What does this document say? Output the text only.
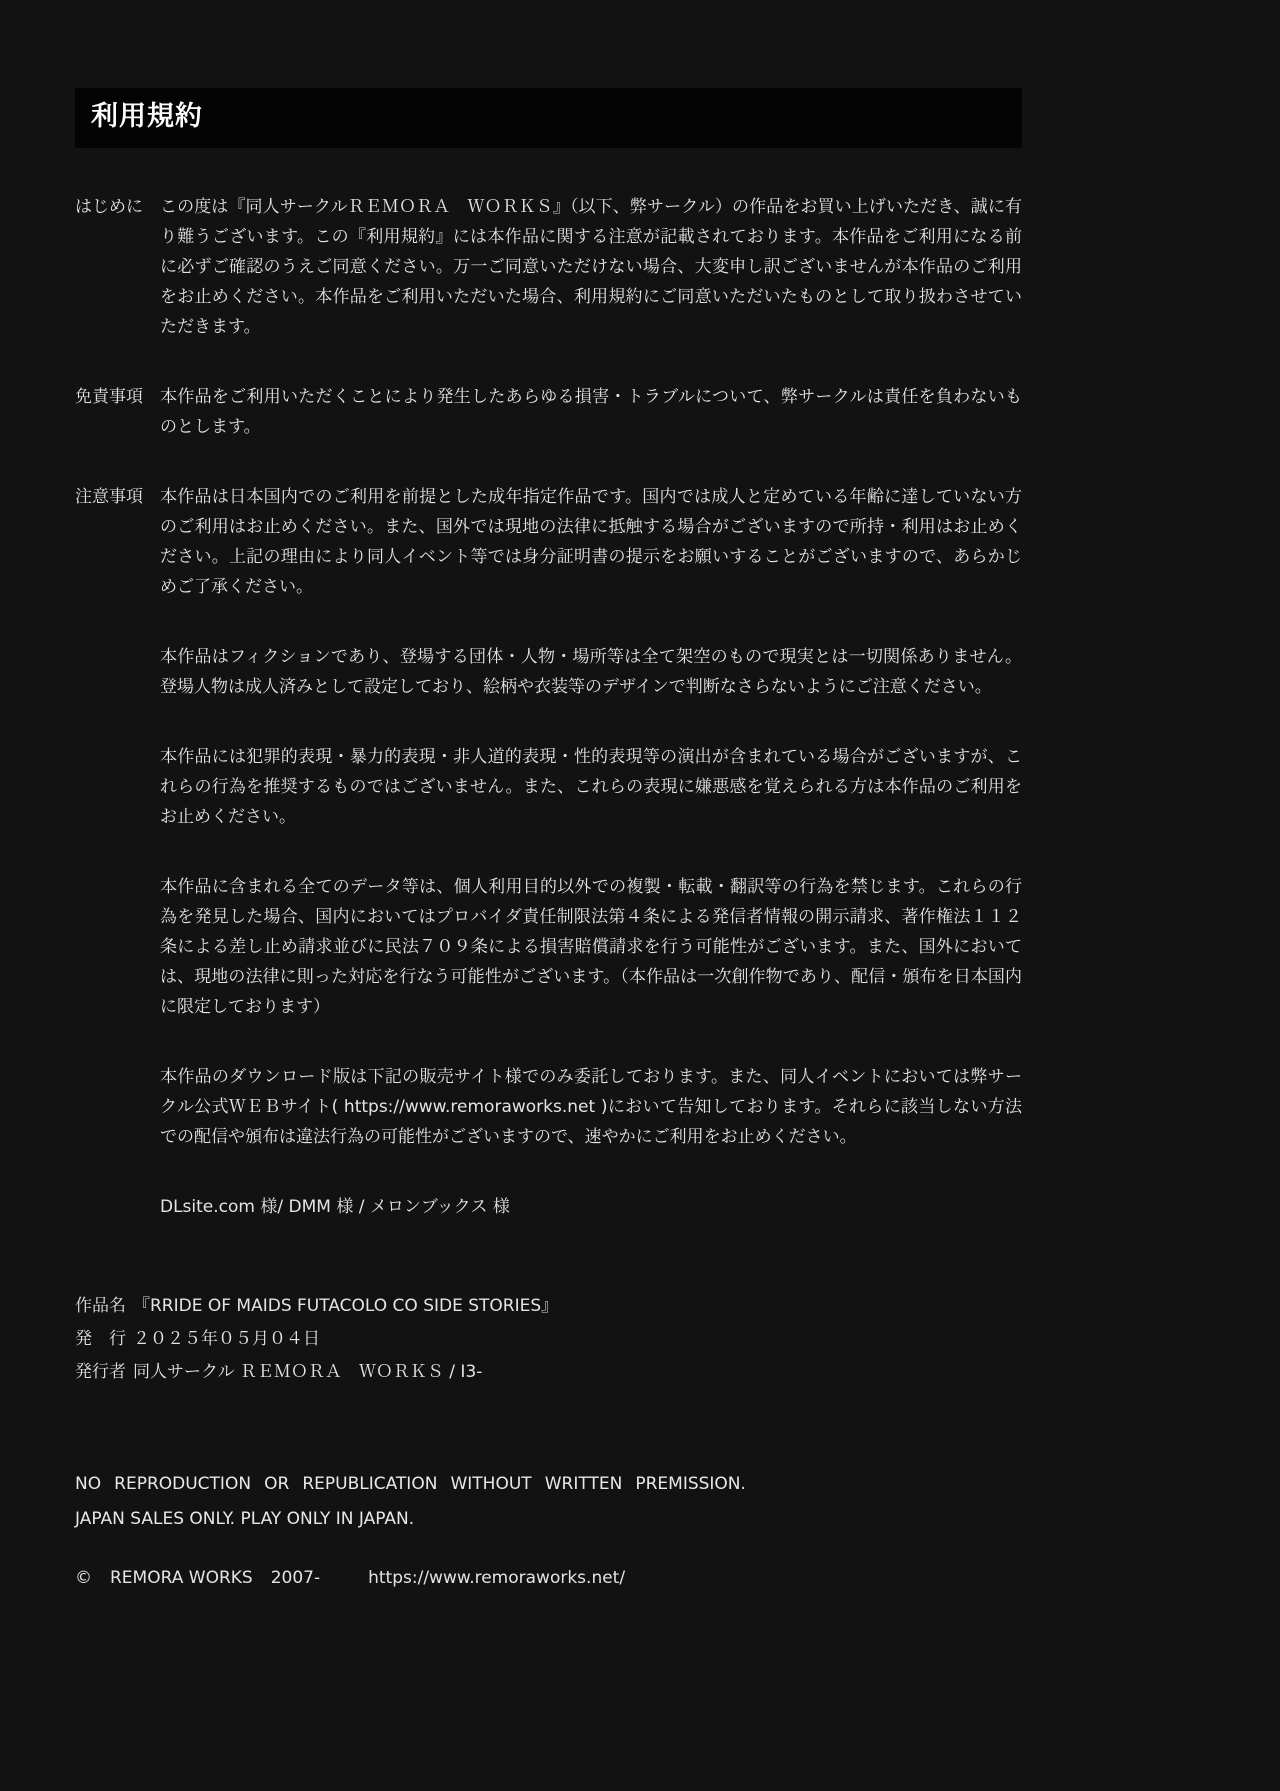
利用規約
はじめに	この度は『同人サークルＲＥＭＯＲＡ　ＷＯＲＫＳ』（以下、弊サークル）の作品をお買い上げいただき、誠に有り難うございます。この『利用規約』には本作品に関する注意が記載されております。本作品をご利用になる前に必ずご確認のうえご同意ください。万一ご同意いただけない場合、大変申し訳ございませんが本作品のご利用をお止めください。本作品をご利用いただいた場合、利用規約にご同意いただいたものとして取り扱わさせていただきます。

免責事項	本作品をご利用いただくことにより発生したあらゆる損害・トラブルについて、弊サークルは責任を負わないものとします。

注意事項	本作品は日本国内でのご利用を前提とした成年指定作品です。国内では成人と定めている年齢に達していない方のご利用はお止めください。また、国外では現地の法律に抵触する場合がございますので所持・利用はお止めください。上記の理由により同人イベント等では身分証明書の提示をお願いすることがございますので、あらかじめご了承ください。

本作品はフィクションであり、登場する団体・人物・場所等は全て架空のもので現実とは一切関係ありません。登場人物は成人済みとして設定しており、絵柄や衣装等のデザインで判断なさらないようにご注意ください。

本作品には犯罪的表現・暴力的表現・非人道的表現・性的表現等の演出が含まれている場合がございますが、これらの行為を推奨するものではございません。また、これらの表現に嫌悪感を覚えられる方は本作品のご利用をお止めください。

本作品に含まれる全てのデータ等は、個人利用目的以外での複製・転載・翻訳等の行為を禁じます。これらの行為を発見した場合、国内においてはプロバイダ責任制限法第４条による発信者情報の開示請求、著作権法１１２条による差し止め請求並びに民法７０９条による損害賠償請求を行う可能性がございます。また、国外においては、現地の法律に則った対応を行なう可能性がございます。（本作品は一次創作物であり、配信・頒布を日本国内に限定しております）

本作品のダウンロード版は下記の販売サイト様でのみ委託しております。また、同人イベントにおいては弊サークル公式ＷＥＢサイト( https://www.remoraworks.net )において告知しております。それらに該当しない方法での配信や頒布は違法行為の可能性がございますので、速やかにご利用をお止めください。

DLsite.com 様/ DMM 様 / メロンブックス 様

作品名 『RRIDE OF MAIDS FUTACOLO CO SIDE STORIES』
発　行 ２０２５年０５月０４日
発行者 同人サークル ＲＥＭＯＲＡ　ＷＯＲＫＳ / I3-
NO REPRODUCTION OR REPUBLICATION WITHOUT WRITTEN PREMISSION.
JAPAN SALES ONLY. PLAY ONLY IN JAPAN.
© REMORA WORKS 2007-	https://www.remoraworks.net/
